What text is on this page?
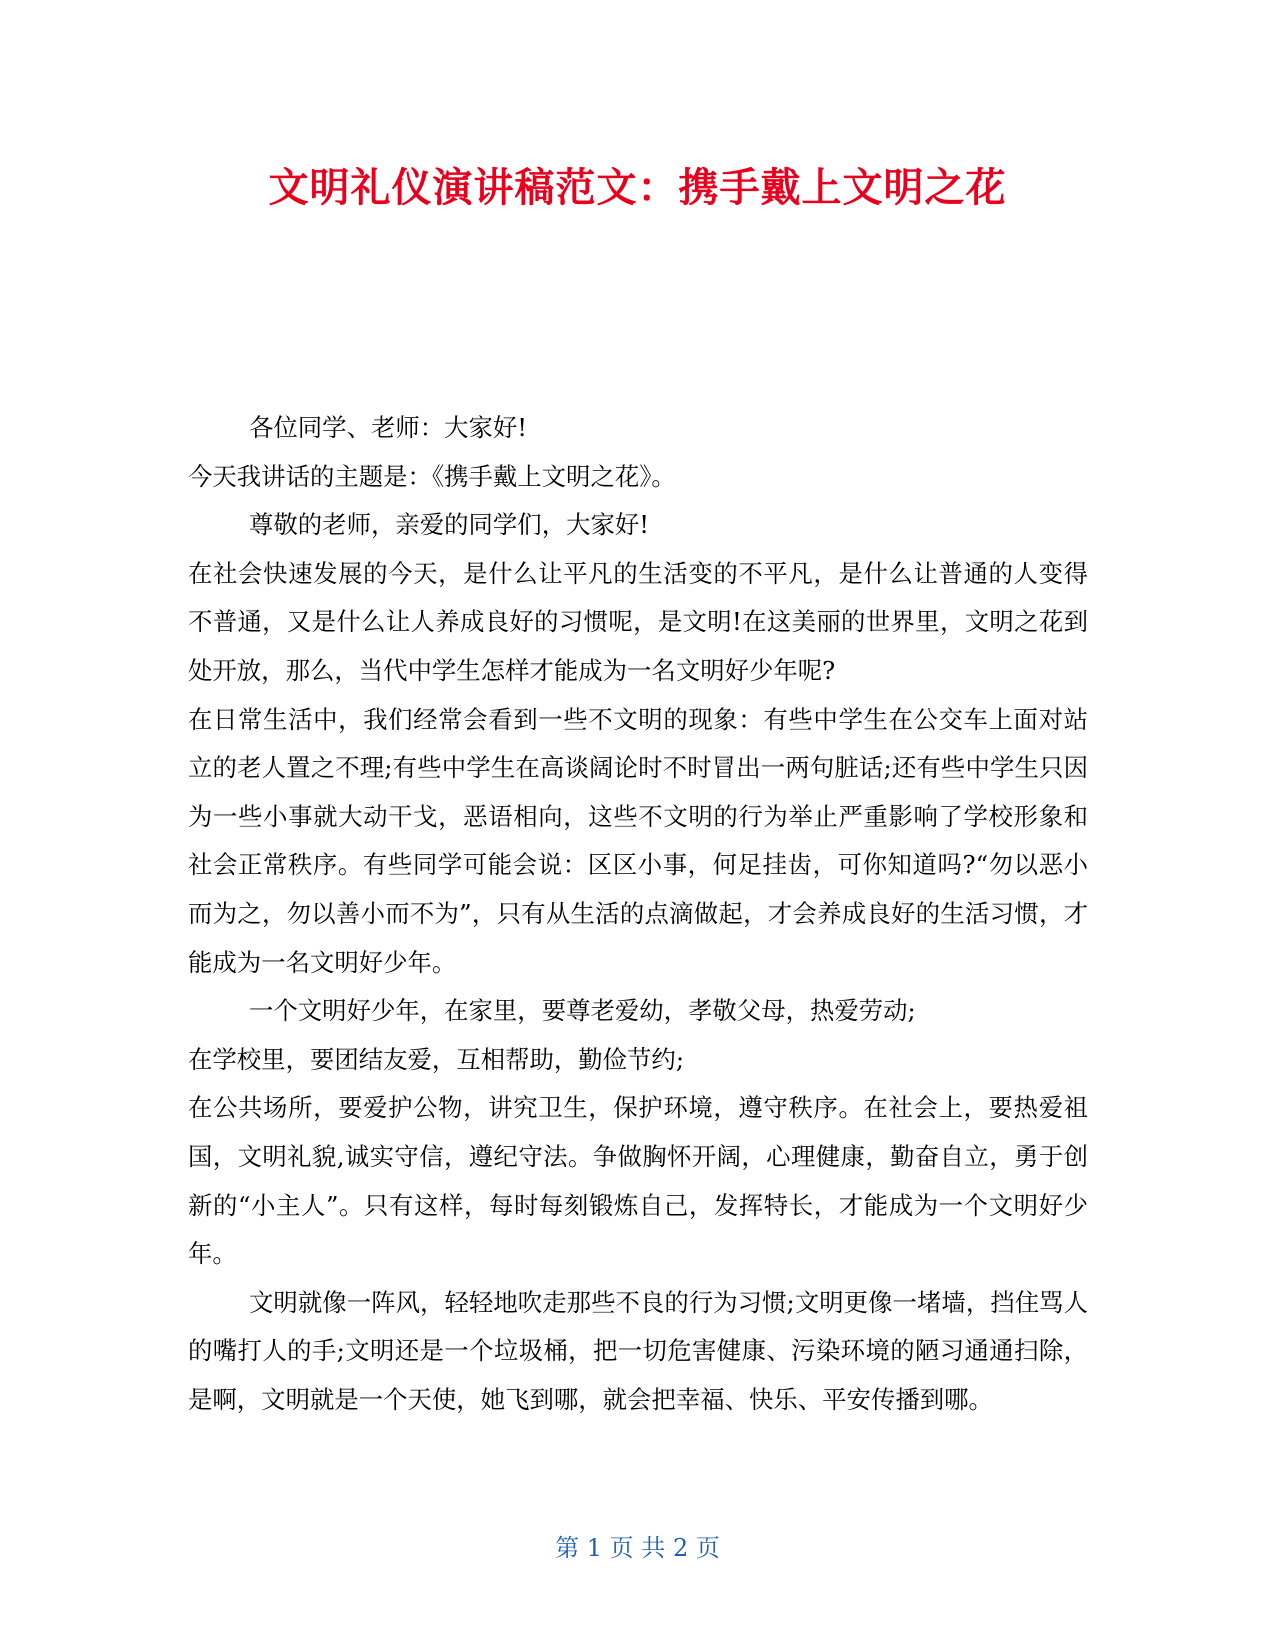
文明礼仪演讲稿范文：携手戴上文明之花

各位同学、老师：大家好!

今天我讲话的主题是：《携手戴上文明之花》。

尊敬的老师，亲爱的同学们，大家好!

在社会快速发展的今天，是什么让平凡的生活变的不平凡，是什么让普通的人变得不普通，又是什么让人养成良好的习惯呢，是文明!在这美丽的世界里，文明之花到处开放，那么，当代中学生怎样才能成为一名文明好少年呢?

在日常生活中，我们经常会看到一些不文明的现象：有些中学生在公交车上面对站立的老人置之不理;有些中学生在高谈阔论时不时冒出一两句脏话;还有些中学生只因为一些小事就大动干戈，恶语相向，这些不文明的行为举止严重影响了学校形象和社会正常秩序。有些同学可能会说：区区小事，何足挂齿，可你知道吗?“勿以恶小而为之，勿以善小而不为”，只有从生活的点滴做起，才会养成良好的生活习惯，才能成为一名文明好少年。

一个文明好少年，在家里，要尊老爱幼，孝敬父母，热爱劳动;

在学校里，要团结友爱，互相帮助，勤俭节约;

在公共场所，要爱护公物，讲究卫生，保护环境，遵守秩序。在社会上，要热爱祖国，文明礼貌,诚实守信，遵纪守法。争做胸怀开阔，心理健康，勤奋自立，勇于创新的“小主人”。只有这样，每时每刻锻炼自己，发挥特长，才能成为一个文明好少年。

文明就像一阵风，轻轻地吹走那些不良的行为习惯;文明更像一堵墙，挡住骂人的嘴打人的手;文明还是一个垃圾桶，把一切危害健康、污染环境的陋习通通扫除，是啊，文明就是一个天使，她飞到哪，就会把幸福、快乐、平安传播到哪。

第 1 页 共 2 页
